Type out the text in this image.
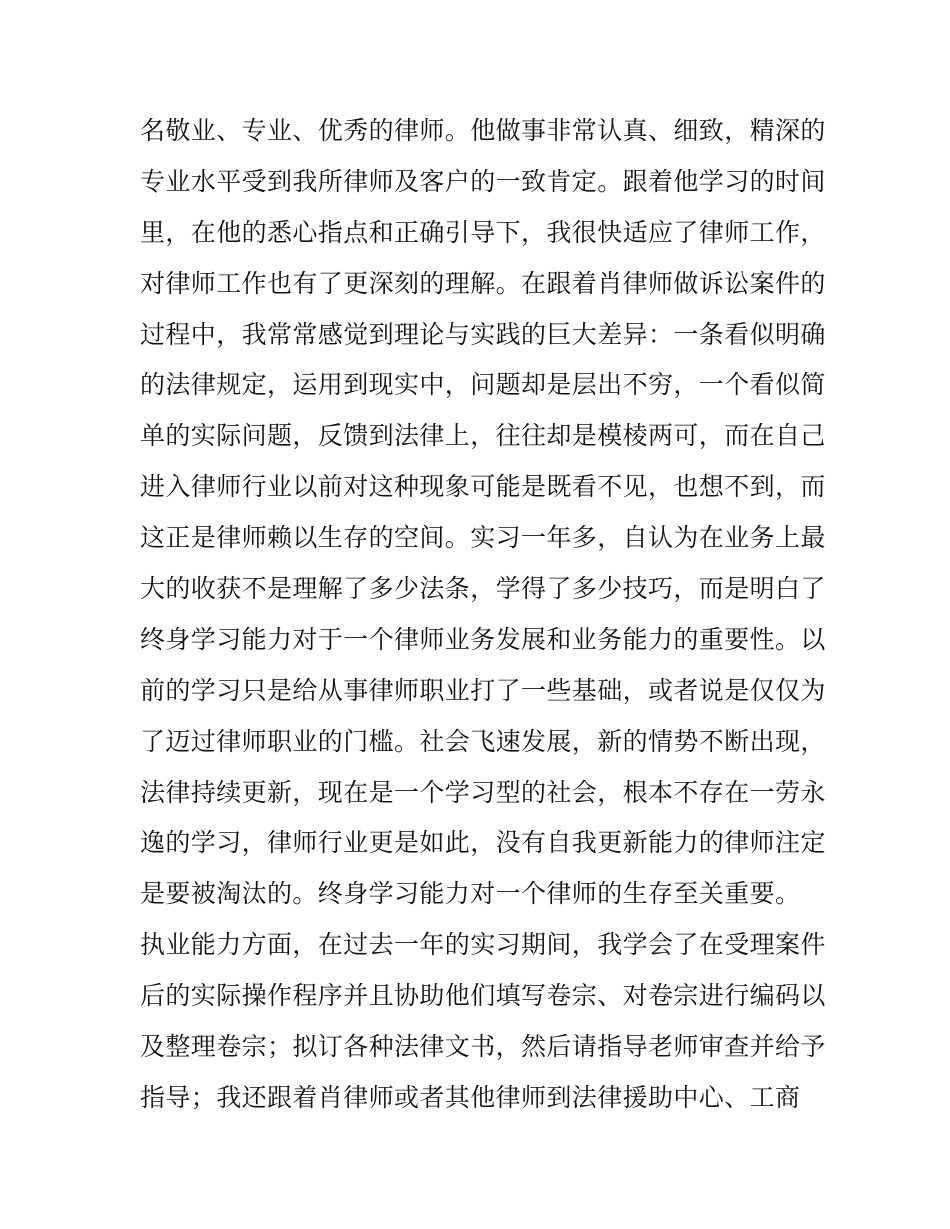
名敬业、专业、优秀的律师。他做事非常认真、细致，精深的
专业水平受到我所律师及客户的一致肯定。跟着他学习的时间
里，在他的悉心指点和正确引导下，我很快适应了律师工作，
对律师工作也有了更深刻的理解。在跟着肖律师做诉讼案件的
过程中，我常常感觉到理论与实践的巨大差异：一条看似明确
的法律规定，运用到现实中，问题却是层出不穷，一个看似简
单的实际问题，反馈到法律上，往往却是模棱两可，而在自己
进入律师行业以前对这种现象可能是既看不见，也想不到，而
这正是律师赖以生存的空间。实习一年多，自认为在业务上最
大的收获不是理解了多少法条，学得了多少技巧，而是明白了
终身学习能力对于一个律师业务发展和业务能力的重要性。以
前的学习只是给从事律师职业打了一些基础，或者说是仅仅为
了迈过律师职业的门槛。社会飞速发展，新的情势不断出现，
法律持续更新，现在是一个学习型的社会，根本不存在一劳永
逸的学习，律师行业更是如此，没有自我更新能力的律师注定
是要被淘汰的。终身学习能力对一个律师的生存至关重要。
执业能力方面，在过去一年的实习期间，我学会了在受理案件
后的实际操作程序并且协助他们填写卷宗、对卷宗进行编码以
及整理卷宗；拟订各种法律文书，然后请指导老师审查并给予
指导；我还跟着肖律师或者其他律师到法律援助中心、工商
